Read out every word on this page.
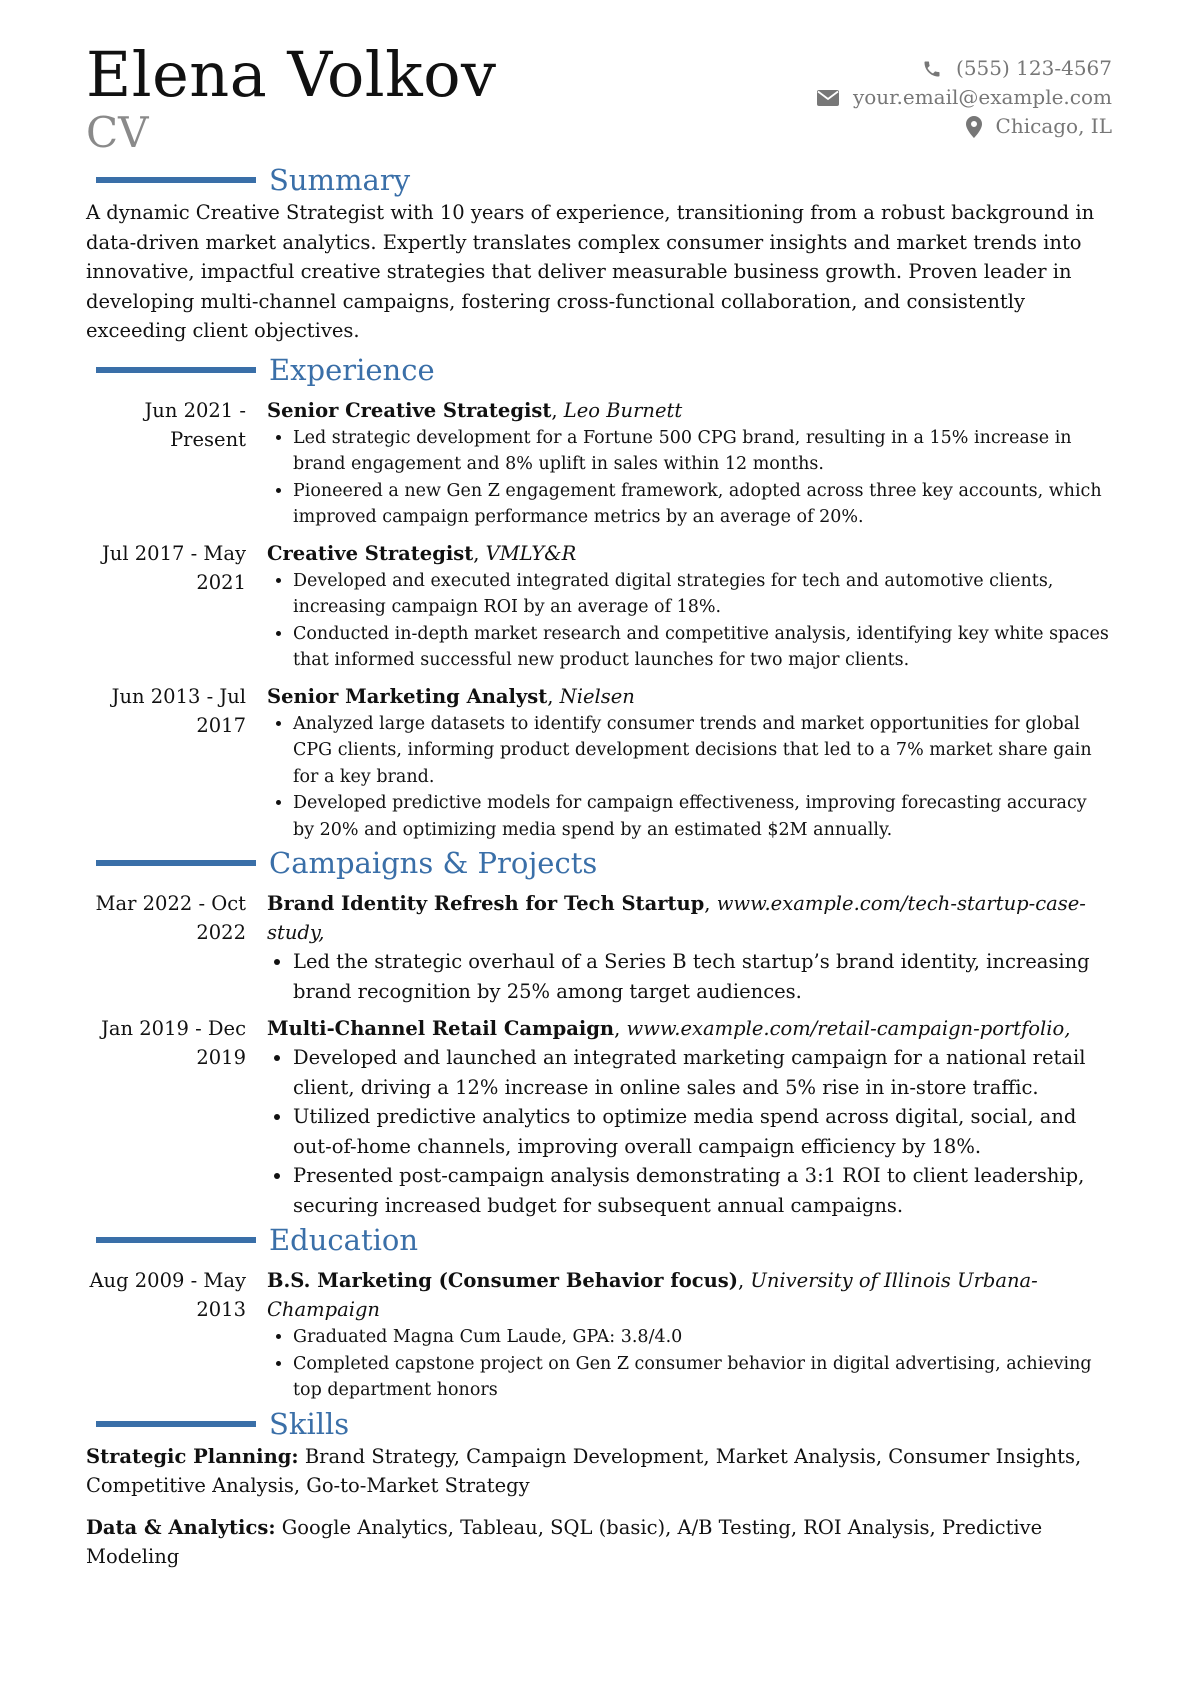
Elena Volkov
CV
(555) 123-4567
your.email@example.com
Chicago, IL
Summary

A dynamic Creative Strategist with 10 years of experience, transitioning from a robust background in data-driven market analytics. Expertly translates complex consumer insights and market trends into innovative, impactful creative strategies that deliver measurable business growth. Proven leader in developing multi-channel campaigns, fostering cross-functional collaboration, and consistently exceeding client objectives.

Experience
Jun 2021 - Present
Senior Creative Strategist, Leo Burnett
• Led strategic development for a Fortune 500 CPG brand, resulting in a 15% increase in brand engagement and 8% uplift in sales within 12 months.
• Pioneered a new Gen Z engagement framework, adopted across three key accounts, which improved campaign performance metrics by an average of 20%.
Jul 2017 - May 2021
Creative Strategist, VMLY&R
• Developed and executed integrated digital strategies for tech and automotive clients, increasing campaign ROI by an average of 18%.
• Conducted in-depth market research and competitive analysis, identifying key white spaces that informed successful new product launches for two major clients.
Jun 2013 - Jul 2017
Senior Marketing Analyst, Nielsen
• Analyzed large datasets to identify consumer trends and market opportunities for global CPG clients, informing product development decisions that led to a 7% market share gain for a key brand.
• Developed predictive models for campaign effectiveness, improving forecasting accuracy by 20% and optimizing media spend by an estimated $2M annually.
Campaigns & Projects
Mar 2022 - Oct 2022
Brand Identity Refresh for Tech Startup, www.example.com/tech-startup-case-study,
• Led the strategic overhaul of a Series B tech startup’s brand identity, increasing brand recognition by 25% among target audiences.
Jan 2019 - Dec 2019
Multi-Channel Retail Campaign, www.example.com/retail-campaign-portfolio,
• Developed and launched an integrated marketing campaign for a national retail client, driving a 12% increase in online sales and 5% rise in in-store traffic.
• Utilized predictive analytics to optimize media spend across digital, social, and out-of-home channels, improving overall campaign efficiency by 18%.
• Presented post-campaign analysis demonstrating a 3:1 ROI to client leadership, securing increased budget for subsequent annual campaigns.
Education
Aug 2009 - May 2013
B.S. Marketing (Consumer Behavior focus), University of Illinois Urbana-Champaign
• Graduated Magna Cum Laude, GPA: 3.8/4.0
• Completed capstone project on Gen Z consumer behavior in digital advertising, achieving top department honors
Skills

Strategic Planning: Brand Strategy, Campaign Development, Market Analysis, Consumer Insights, Competitive Analysis, Go-to-Market Strategy

Data & Analytics: Google Analytics, Tableau, SQL (basic), A/B Testing, ROI Analysis, Predictive Modeling
